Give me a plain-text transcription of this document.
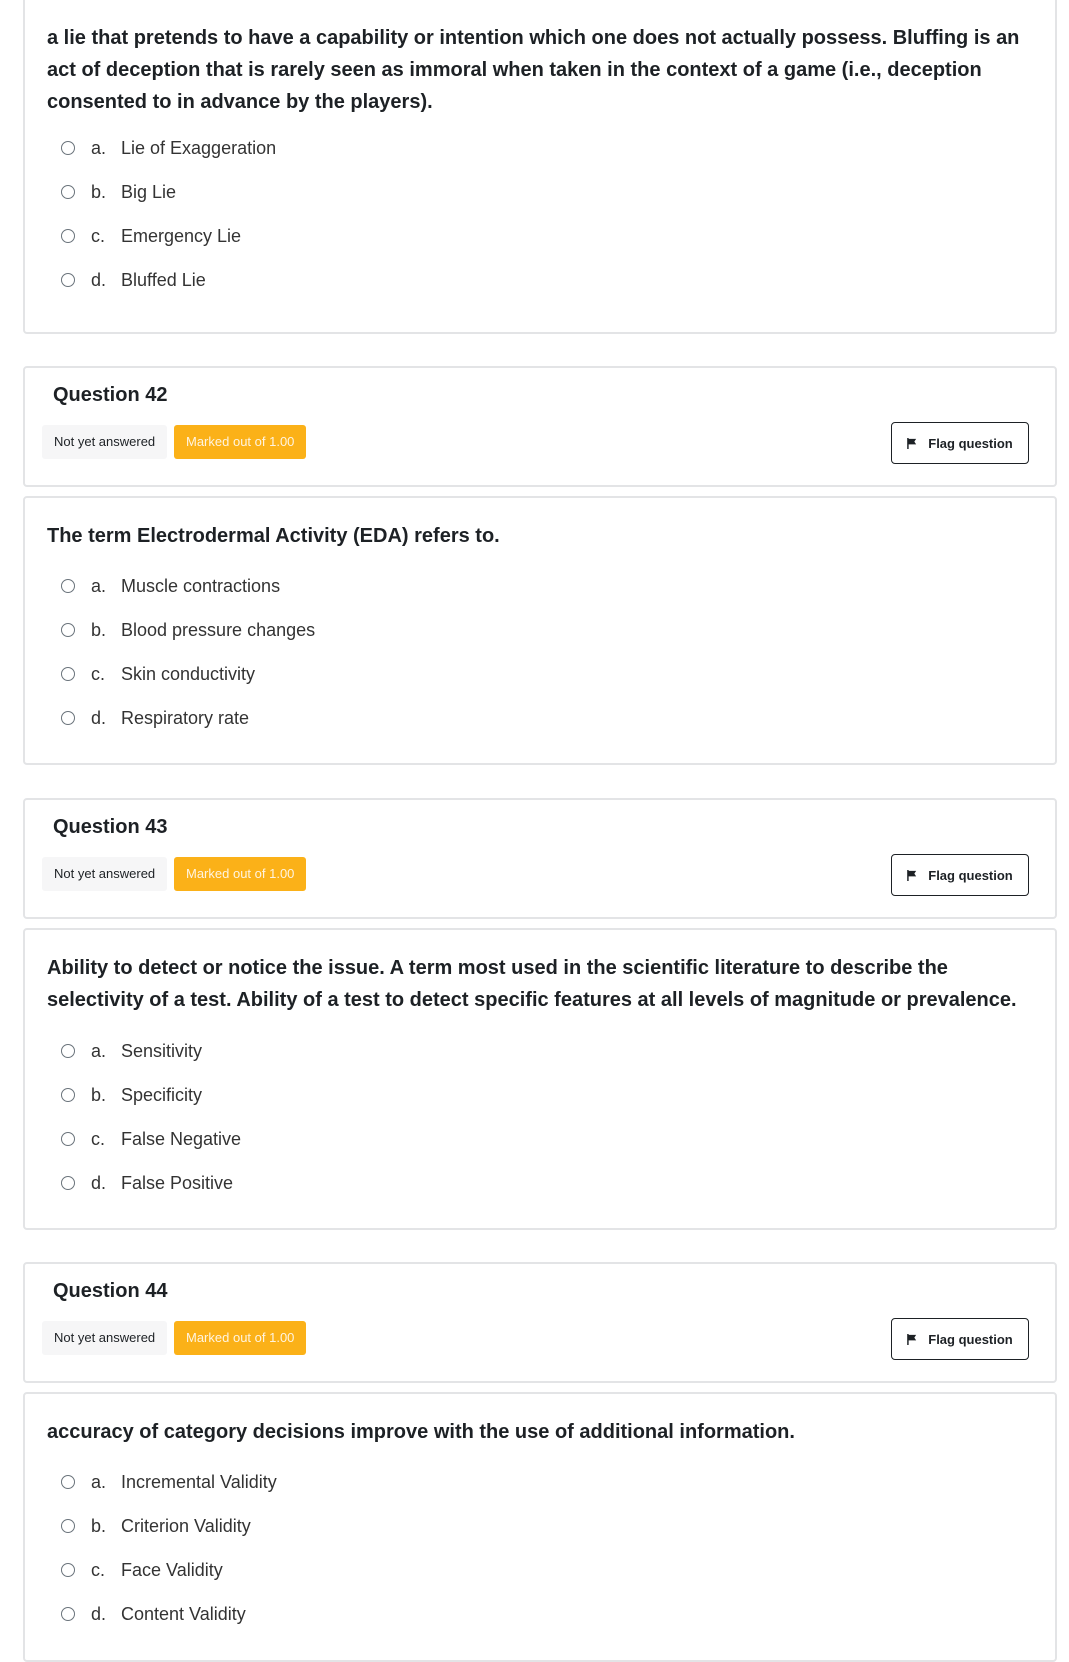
a lie that pretends to have a capability or intention which one does not actually possess. Bluffing is an act of deception that is rarely seen as immoral when taken in the context of a game (i.e., deception consented to in advance by the players).
a. Lie of Exaggeration
b. Big Lie
c. Emergency Lie
d. Bluffed Lie
Question 42
Not yet answered	Marked out of 1.00	Flag question
The term Electrodermal Activity (EDA) refers to.
a. Muscle contractions
b. Blood pressure changes
c. Skin conductivity
d. Respiratory rate
Question 43
Not yet answered	Marked out of 1.00	Flag question
Ability to detect or notice the issue. A term most used in the scientific literature to describe the selectivity of a test. Ability of a test to detect specific features at all levels of magnitude or prevalence.
a. Sensitivity
b. Specificity
c. False Negative
d. False Positive
Question 44
Not yet answered	Marked out of 1.00	Flag question
accuracy of category decisions improve with the use of additional information.
a. Incremental Validity
b. Criterion Validity
c. Face Validity
d. Content Validity
